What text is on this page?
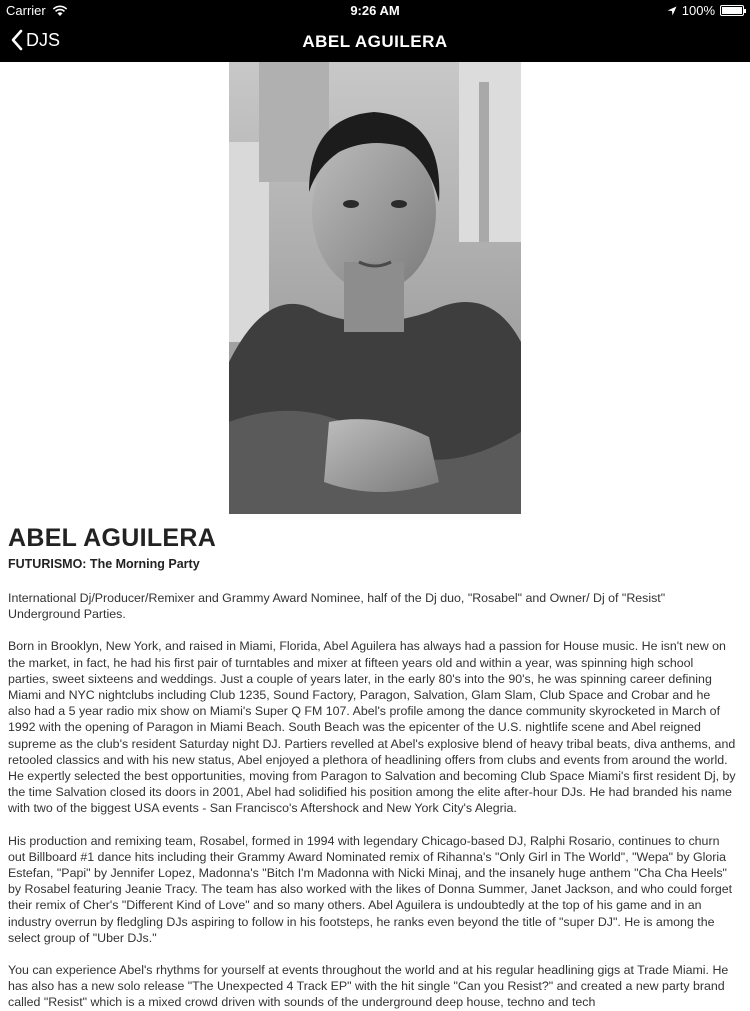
Carrier	9:26 AM	100%
DJS	ABEL AGUILERA
ABEL AGUILERA
FUTURISMO: The Morning Party

International Dj/Producer/Remixer and Grammy Award Nominee, half of the Dj duo, "Rosabel" and Owner/ Dj of "Resist" Underground Parties.

Born in Brooklyn, New York, and raised in Miami, Florida, Abel Aguilera has always had a passion for House music. He isn't new on the market, in fact, he had his first pair of turntables and mixer at fifteen years old and within a year, was spinning high school parties, sweet sixteens and weddings. Just a couple of years later, in the early 80's into the 90's, he was spinning career defining Miami and NYC nightclubs including Club 1235, Sound Factory, Paragon, Salvation, Glam Slam, Club Space and Crobar and he also had a 5 year radio mix show on Miami's Super Q FM 107. Abel's profile among the dance community skyrocketed in March of 1992 with the opening of Paragon in Miami Beach. South Beach was the epicenter of the U.S. nightlife scene and Abel reigned supreme as the club's resident Saturday night DJ. Partiers revelled at Abel's explosive blend of heavy tribal beats, diva anthems, and retooled classics and with his new status, Abel enjoyed a plethora of headlining offers from clubs and events from around the world. He expertly selected the best opportunities, moving from Paragon to Salvation and becoming Club Space Miami's first resident Dj, by the time Salvation closed its doors in 2001, Abel had solidified his position among the elite after-hour DJs. He had branded his name with two of the biggest USA events - San Francisco's Aftershock and New York City's Alegria.

His production and remixing team, Rosabel, formed in 1994 with legendary Chicago-based DJ, Ralphi Rosario, continues to churn out Billboard #1 dance hits including their Grammy Award Nominated remix of Rihanna's "Only Girl in The World", "Wepa" by Gloria Estefan, "Papi" by Jennifer Lopez, Madonna's "Bitch I'm Madonna with Nicki Minaj, and the insanely huge anthem "Cha Cha Heels" by Rosabel featuring Jeanie Tracy. The team has also worked with the likes of Donna Summer, Janet Jackson, and who could forget their remix of Cher's "Different Kind of Love" and so many others. Abel Aguilera is undoubtedly at the top of his game and in an industry overrun by fledgling DJs aspiring to follow in his footsteps, he ranks even beyond the title of "super DJ". He is among the select group of "Uber DJs."

You can experience Abel's rhythms for yourself at events throughout the world and at his regular headlining gigs at Trade Miami. He has also has a new solo release "The Unexpected 4 Track EP" with the hit single "Can you Resist?" and created a new party brand called "Resist" which is a mixed crowd driven with sounds of the underground deep house, techno and tech
